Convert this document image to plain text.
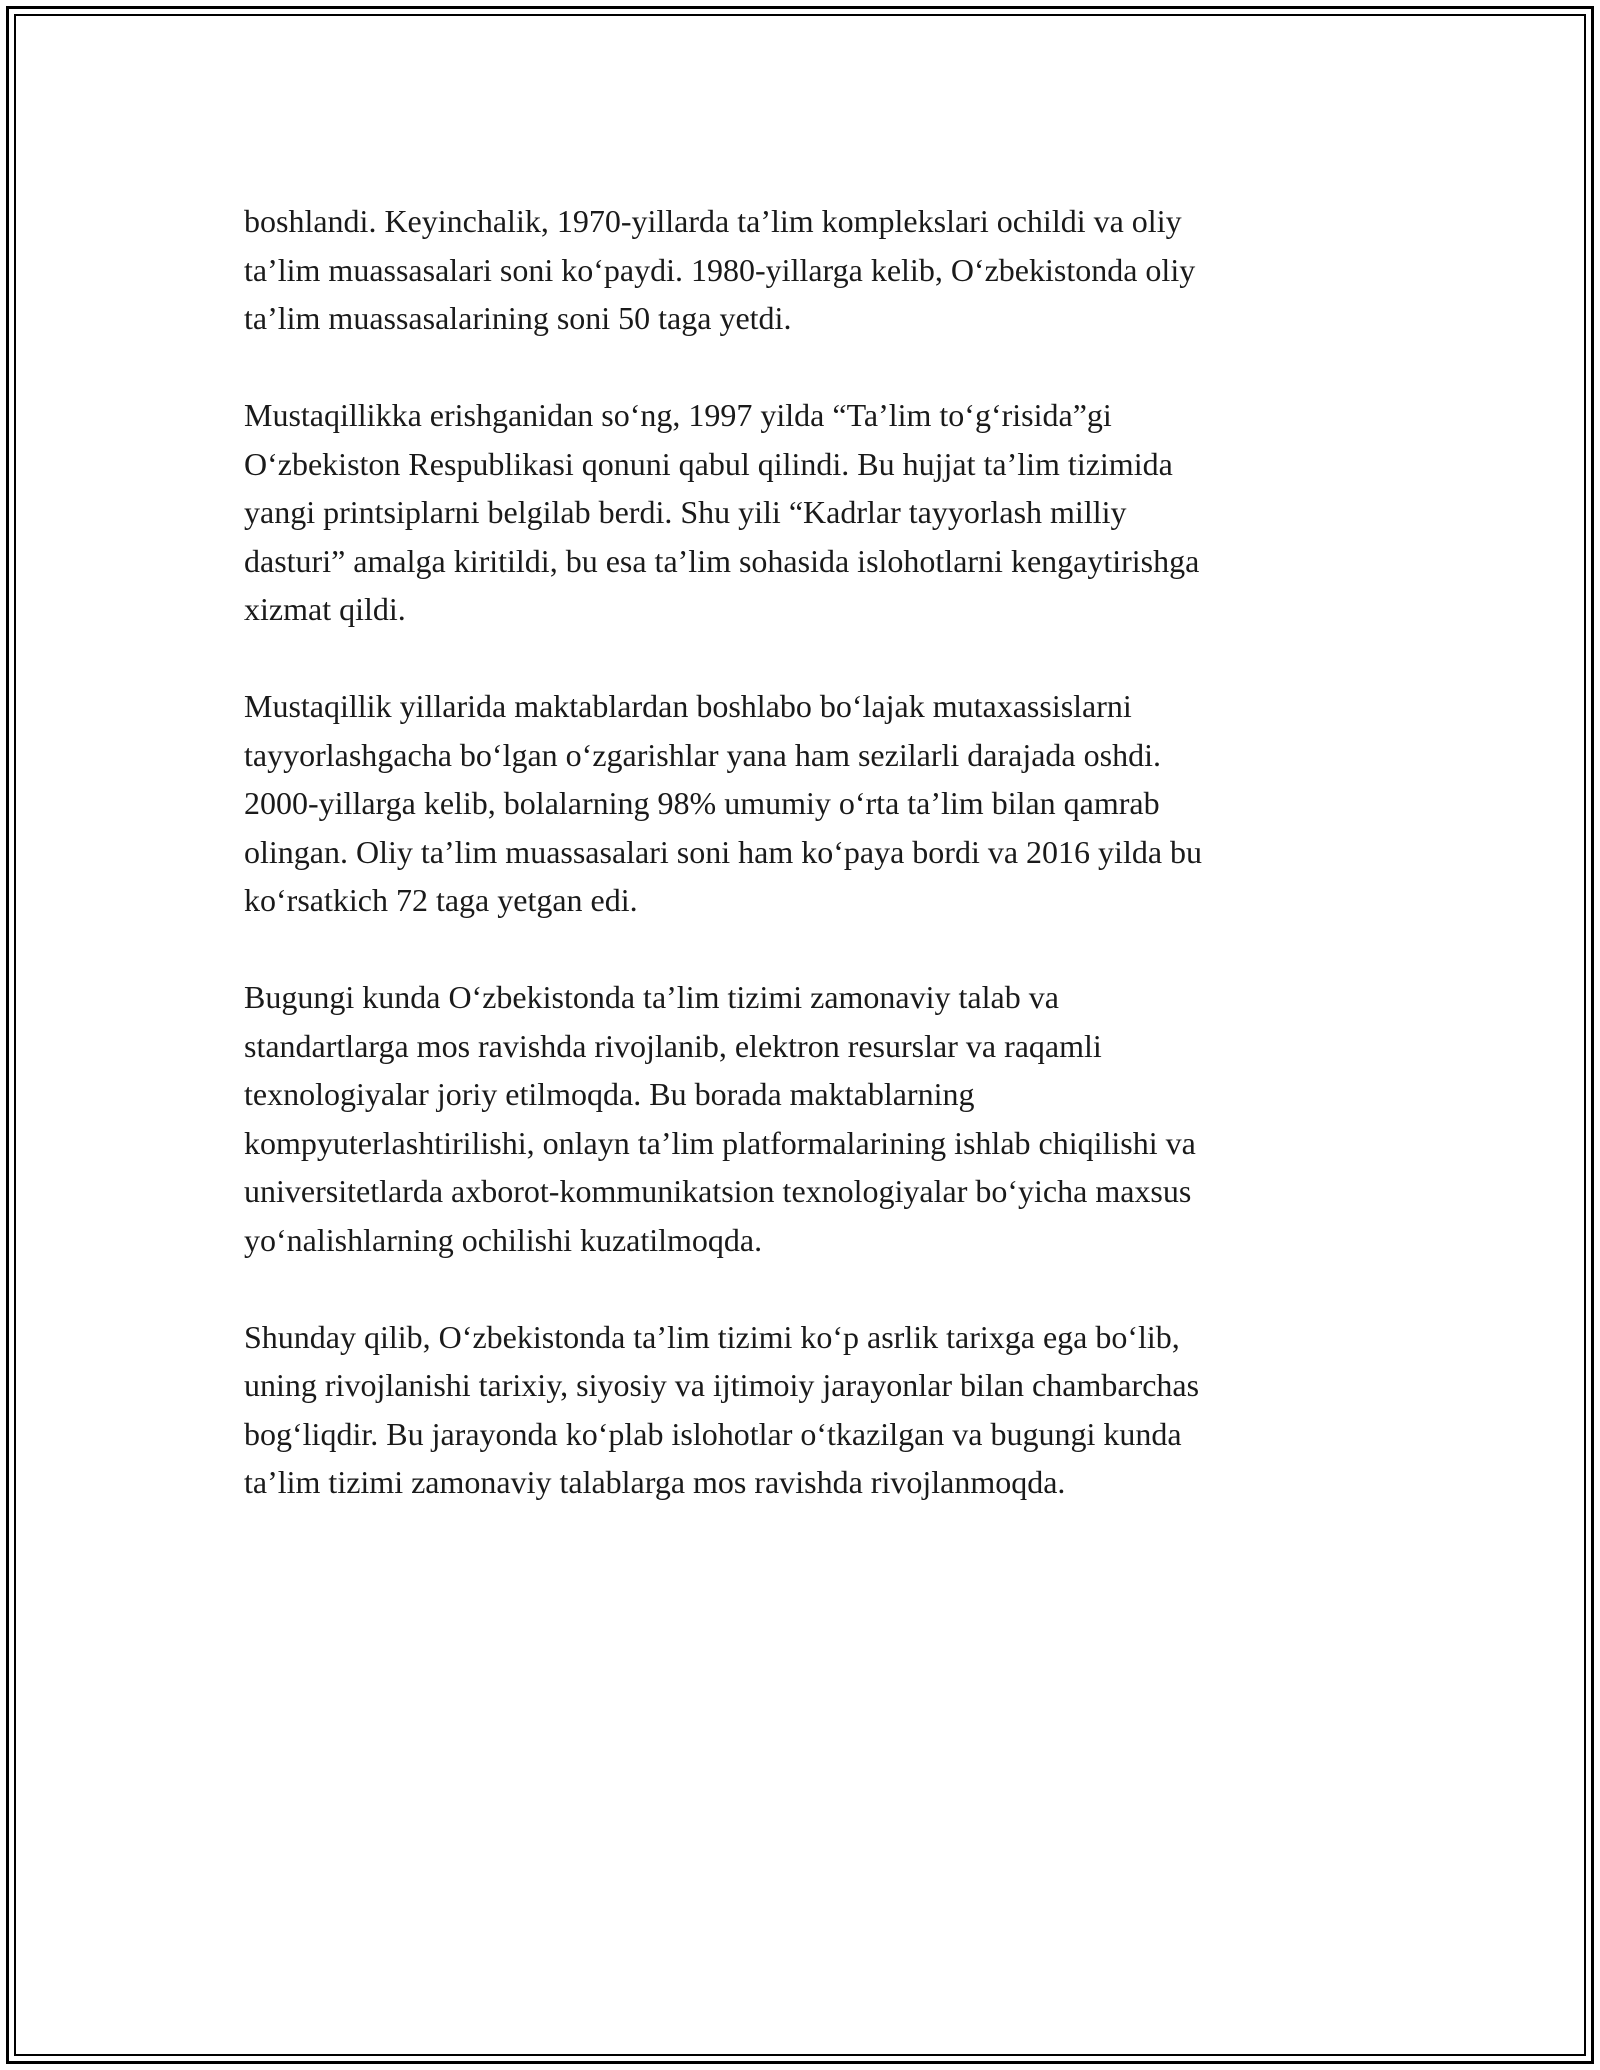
boshlandi. Keyinchalik, 1970-yillarda ta’lim komplekslari ochildi va oliy
ta’lim muassasalari soni ko‘paydi. 1980-yillarga kelib, O‘zbekistonda oliy
ta’lim muassasalarining soni 50 taga yetdi.

Mustaqillikka erishganidan so‘ng, 1997 yilda “Ta’lim to‘g‘risida”gi
O‘zbekiston Respublikasi qonuni qabul qilindi. Bu hujjat ta’lim tizimida
yangi printsiplarni belgilab berdi. Shu yili “Kadrlar tayyorlash milliy
dasturi” amalga kiritildi, bu esa ta’lim sohasida islohotlarni kengaytirishga
xizmat qildi.

Mustaqillik yillarida maktablardan boshlabo bo‘lajak mutaxassislarni
tayyorlashgacha bo‘lgan o‘zgarishlar yana ham sezilarli darajada oshdi.
2000-yillarga kelib, bolalarning 98% umumiy o‘rta ta’lim bilan qamrab
olingan. Oliy ta’lim muassasalari soni ham ko‘paya bordi va 2016 yilda bu
ko‘rsatkich 72 taga yetgan edi.

Bugungi kunda O‘zbekistonda ta’lim tizimi zamonaviy talab va
standartlarga mos ravishda rivojlanib, elektron resurslar va raqamli
texnologiyalar joriy etilmoqda. Bu borada maktablarning
kompyuterlashtirilishi, onlayn ta’lim platformalarining ishlab chiqilishi va
universitetlarda axborot-kommunikatsion texnologiyalar bo‘yicha maxsus
yo‘nalishlarning ochilishi kuzatilmoqda.

Shunday qilib, O‘zbekistonda ta’lim tizimi ko‘p asrlik tarixga ega bo‘lib,
uning rivojlanishi tarixiy, siyosiy va ijtimoiy jarayonlar bilan chambarchas
bog‘liqdir. Bu jarayonda ko‘plab islohotlar o‘tkazilgan va bugungi kunda
ta’lim tizimi zamonaviy talablarga mos ravishda rivojlanmoqda.
